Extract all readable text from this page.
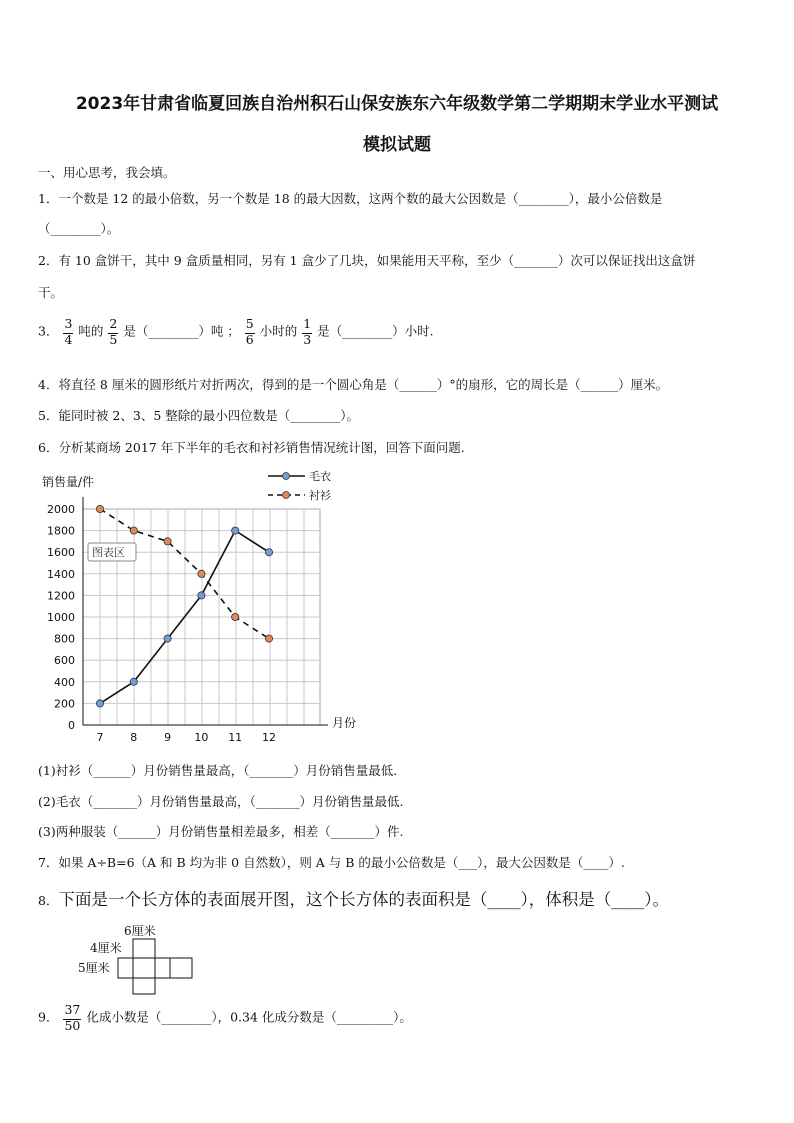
2023年甘肃省临夏回族自治州积石山保安族东六年级数学第二学期期末学业水平测试
模拟试题
一、用心思考，我会填。
1．一个数是 12 的最小倍数，另一个数是 18 的最大因数，这两个数的最大公因数是（________），最小公倍数是
（________）。
2．有 10 盒饼干，其中 9 盒质量相同，另有 1 盒少了几块，如果能用天平称，至少（_______）次可以保证找出这盒饼
干。
3． $\frac{3}{4}$ 吨的 $\frac{2}{5}$ 是（________）吨 ； $\frac{5}{6}$ 小时的 $\frac{1}{3}$ 是（________）小时.
4．将直径 8 厘米的圆形纸片对折两次，得到的是一个圆心角是（______）°的扇形，它的周长是（______）厘米。
5．能同时被 2、3、5 整除的最小四位数是（________）。
6．分析某商场 2017 年下半年的毛衣和衬衫销售情况统计图，回答下面问题.
0
200
400
600
800
1000
1200
1400
1600
1800
2000
7 8 9 10 11 12
销售量/件
月份
图表区
毛衣
衬衫
(1)衬衫（______）月份销售量最高，（_______）月份销售量最低.
(2)毛衣（_______）月份销售量最高，（_______）月份销售量最低.
(3)两种服装（______）月份销售量相差最多，相差（_______）件.
7．如果 A÷B=6（A 和 B 均为非 0 自然数），则 A 与 B 的最小公倍数是（___），最大公因数是（____）.
8．下面是一个长方体的表面展开图，这个长方体的表面积是（____），体积是（____）。
6厘米
4厘米
5厘米
9． $\frac{37}{50}$ 化成小数是（________），0.34 化成分数是（_________）。
